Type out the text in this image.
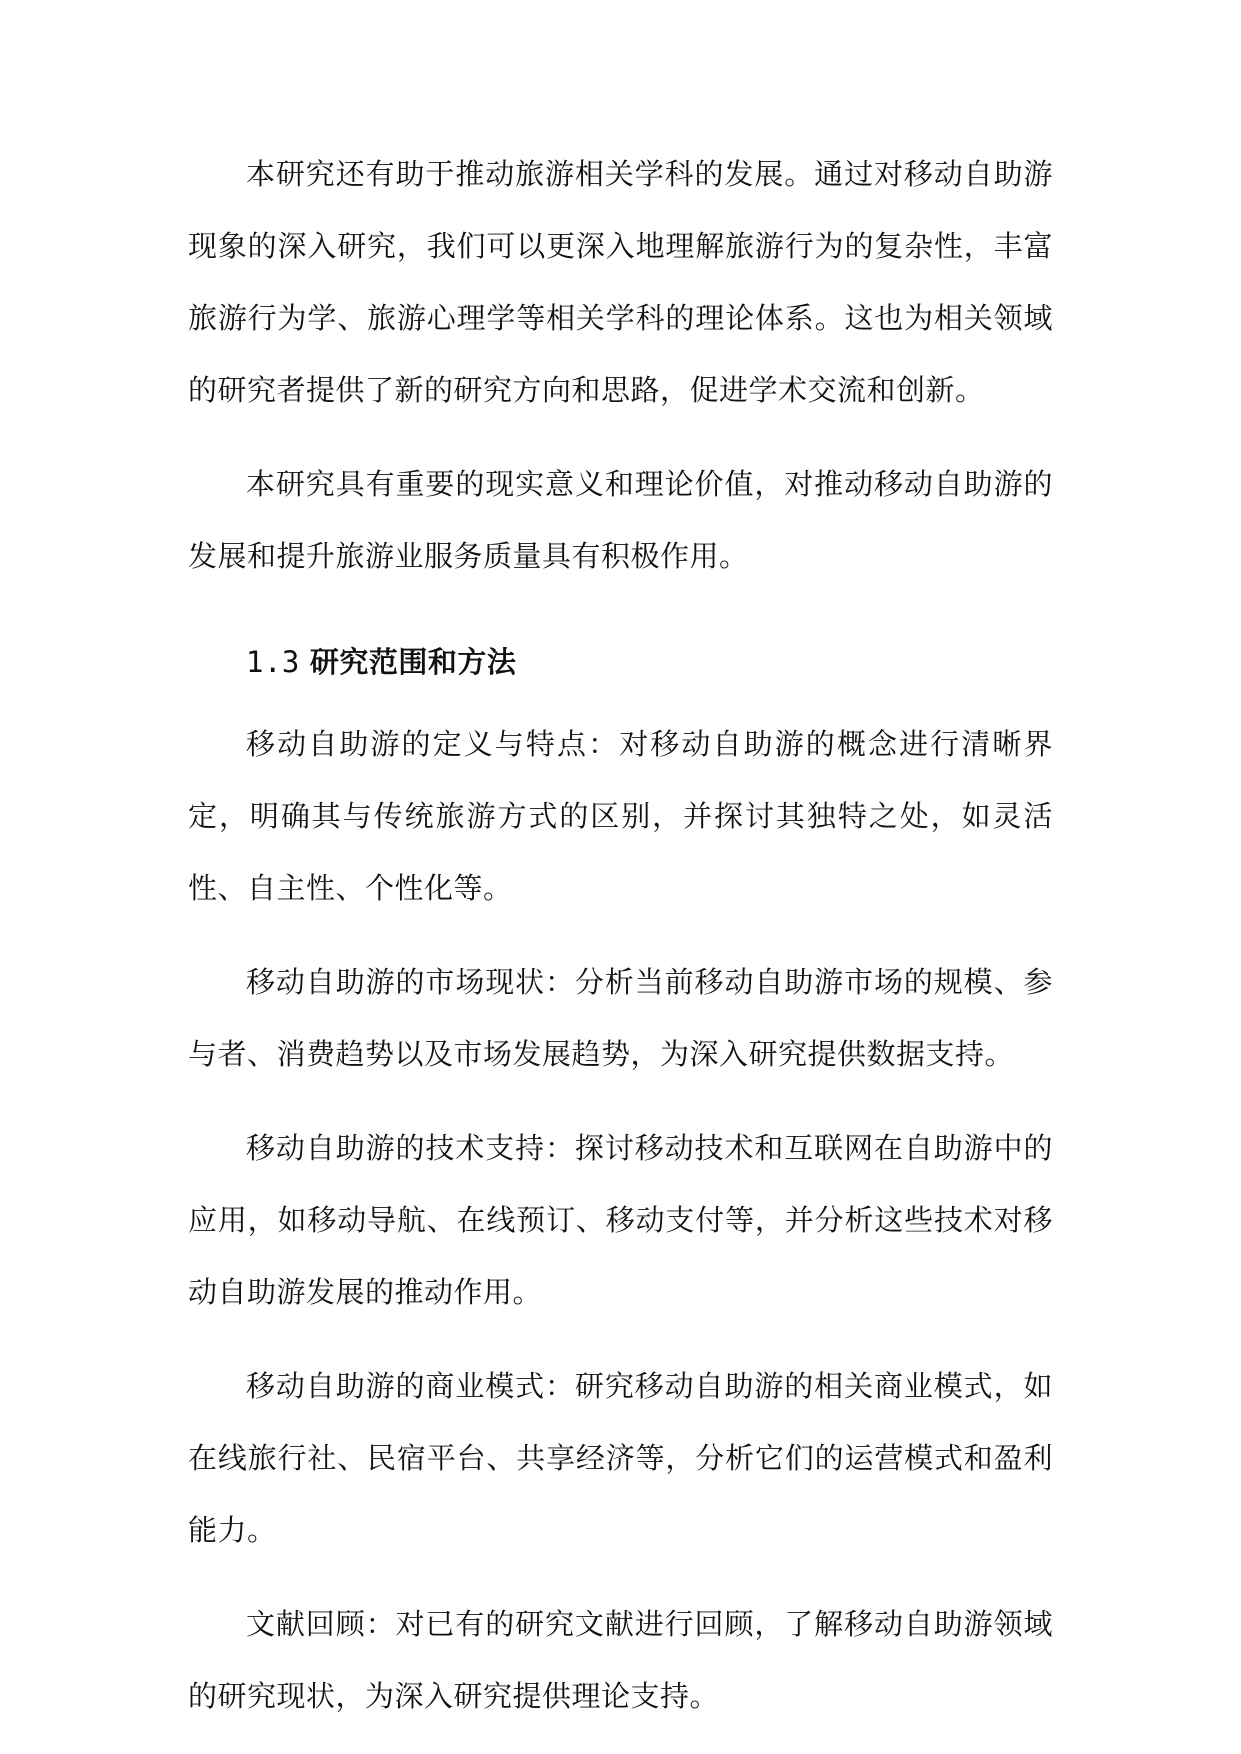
本研究还有助于推动旅游相关学科的发展。通过对移动自助游现象的深入研究，我们可以更深入地理解旅游行为的复杂性，丰富旅游行为学、旅游心理学等相关学科的理论体系。这也为相关领域的研究者提供了新的研究方向和思路，促进学术交流和创新。

本研究具有重要的现实意义和理论价值，对推动移动自助游的发展和提升旅游业服务质量具有积极作用。

1.3 研究范围和方法

移动自助游的定义与特点：对移动自助游的概念进行清晰界定，明确其与传统旅游方式的区别，并探讨其独特之处，如灵活性、自主性、个性化等。

移动自助游的市场现状：分析当前移动自助游市场的规模、参与者、消费趋势以及市场发展趋势，为深入研究提供数据支持。

移动自助游的技术支持：探讨移动技术和互联网在自助游中的应用，如移动导航、在线预订、移动支付等，并分析这些技术对移动自助游发展的推动作用。

移动自助游的商业模式：研究移动自助游的相关商业模式，如在线旅行社、民宿平台、共享经济等，分析它们的运营模式和盈利能力。

文献回顾：对已有的研究文献进行回顾，了解移动自助游领域的研究现状，为深入研究提供理论支持。
